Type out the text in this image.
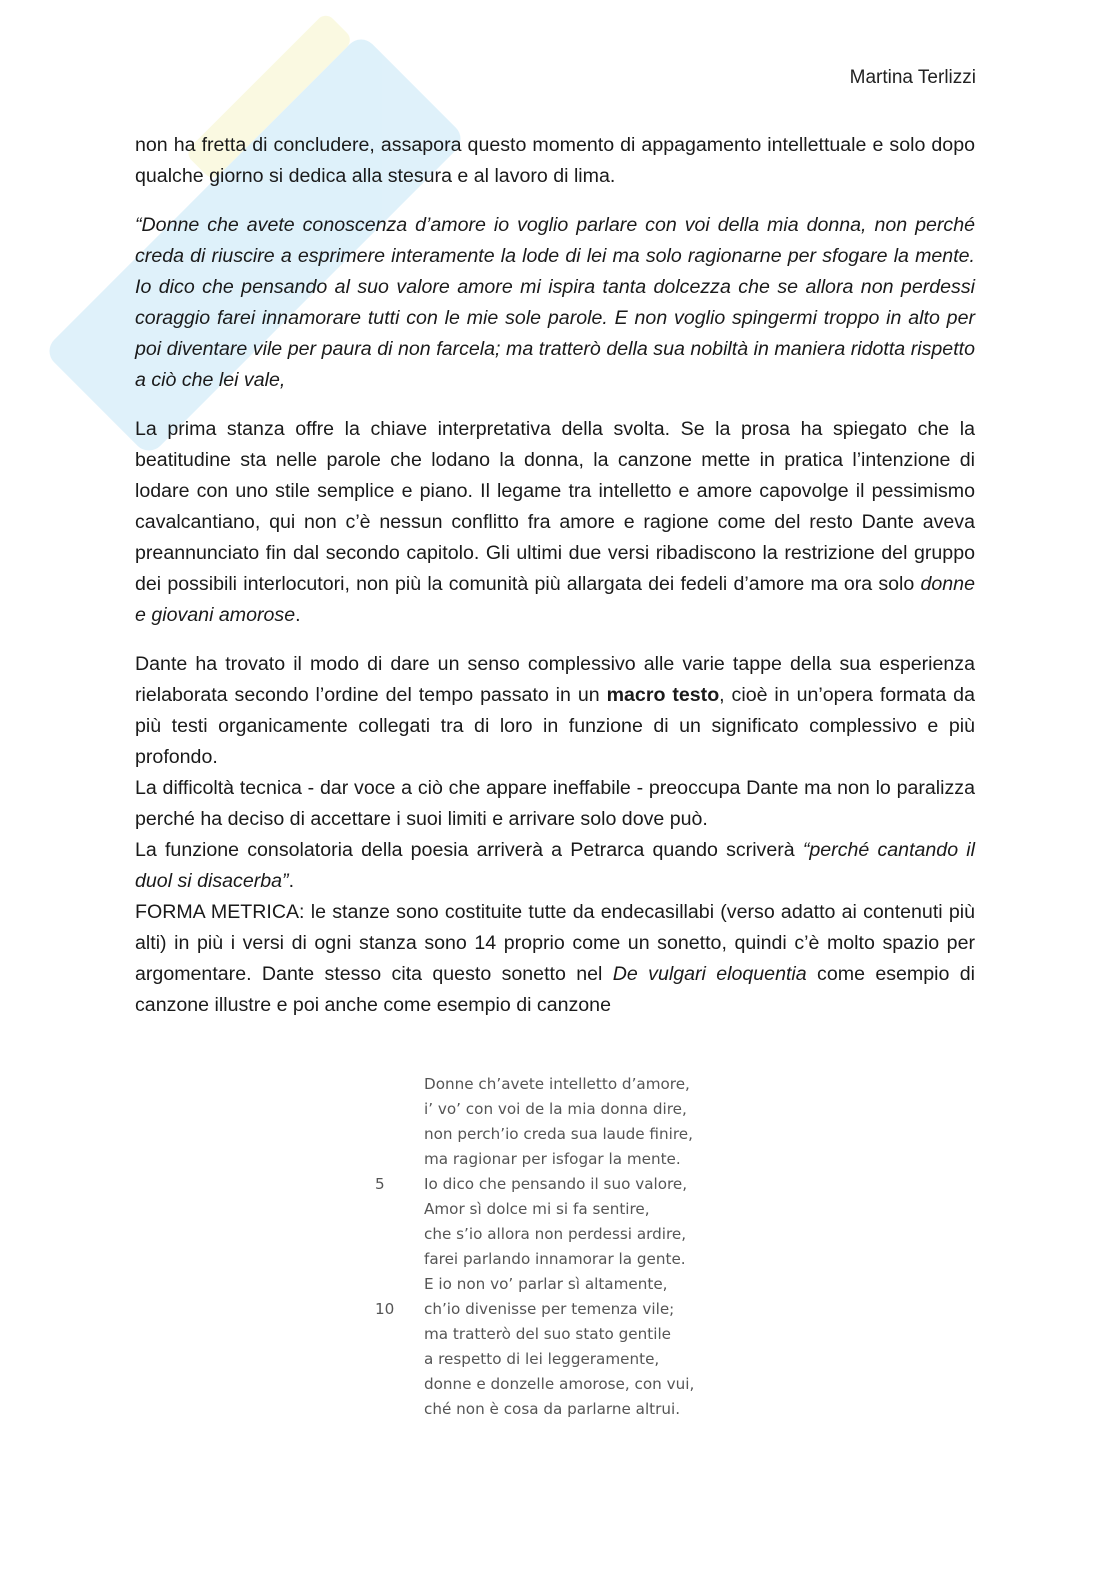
Martina Terlizzi

non ha fretta di concludere, assapora questo momento di appagamento intellettuale e solo dopo qualche giorno si dedica alla stesura e al lavoro di lima.

“Donne che avete conoscenza d’amore io voglio parlare con voi della mia donna, non perché creda di riuscire a esprimere interamente la lode di lei ma solo ragionarne per sfogare la mente. Io dico che pensando al suo valore amore mi ispira tanta dolcezza che se allora non perdessi coraggio farei innamorare tutti con le mie sole parole. E non voglio spingermi troppo in alto per poi diventare vile per paura di non farcela; ma tratterò della sua nobiltà in maniera ridotta rispetto a ciò che lei vale,

La prima stanza offre la chiave interpretativa della svolta. Se la prosa ha spiegato che la beatitudine sta nelle parole che lodano la donna, la canzone mette in pratica l’intenzione di lodare con uno stile semplice e piano. Il legame tra intelletto e amore capovolge il pessimismo cavalcantiano, qui non c’è nessun conflitto fra amore e ragione come del resto Dante aveva preannunciato fin dal secondo capitolo. Gli ultimi due versi ribadiscono la restrizione del gruppo dei possibili interlocutori, non più la comunità più allargata dei fedeli d’amore ma ora solo donne e giovani amorose.

Dante ha trovato il modo di dare un senso complessivo alle varie tappe della sua esperienza rielaborata secondo l’ordine del tempo passato in un macro testo, cioè in un’opera formata da più testi organicamente collegati tra di loro in funzione di un significato complessivo e più profondo.
La difficoltà tecnica - dar voce a ciò che appare ineffabile - preoccupa Dante ma non lo paralizza perché ha deciso di accettare i suoi limiti e arrivare solo dove può.
La funzione consolatoria della poesia arriverà a Petrarca quando scriverà “perché cantando il duol si disacerba”.
FORMA METRICA: le stanze sono costituite tutte da endecasillabi (verso adatto ai contenuti più alti) in più i versi di ogni stanza sono 14 proprio come un sonetto, quindi c’è molto spazio per argomentare. Dante stesso cita questo sonetto nel De vulgari eloquentia come esempio di canzone illustre e poi anche come esempio di canzone

Donne ch’avete intelletto d’amore,
i’ vo’ con voi de la mia donna dire,
non perch’io creda sua laude finire,
ma ragionar per isfogar la mente.
5	Io dico che pensando il suo valore,
Amor sì dolce mi si fa sentire,
che s’io allora non perdessi ardire,
farei parlando innamorar la gente.
E io non vo’ parlar sì altamente,
10	ch’io divenisse per temenza vile;
ma tratterò del suo stato gentile
a respetto di lei leggeramente,
donne e donzelle amorose, con vui,
ché non è cosa da parlarne altrui.
